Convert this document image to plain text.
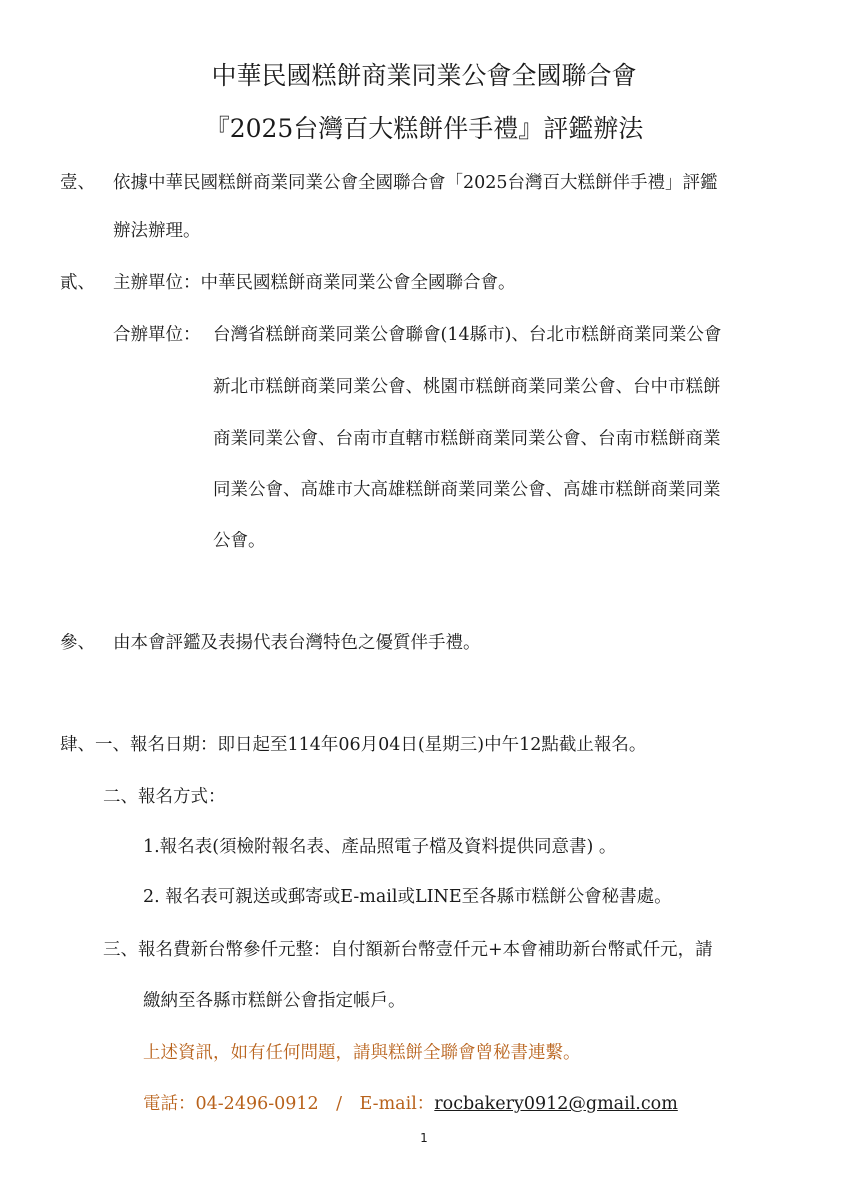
中華民國糕餅商業同業公會全國聯合會
『2025台灣百大糕餅伴手禮』評鑑辦法
壹、 依據中華民國糕餅商業同業公會全國聯合會「2025台灣百大糕餅伴手禮」評鑑
辦法辦理。
貳、 主辦單位：中華民國糕餅商業同業公會全國聯合會。
合辦單位： 台灣省糕餅商業同業公會聯會(14縣市)、台北市糕餅商業同業公會
新北市糕餅商業同業公會、桃園市糕餅商業同業公會、台中市糕餅
商業同業公會、台南市直轄市糕餅商業同業公會、台南市糕餅商業
同業公會、高雄市大高雄糕餅商業同業公會、高雄市糕餅商業同業
公會。
參、 由本會評鑑及表揚代表台灣特色之優質伴手禮。
肆、一、報名日期：即日起至114年06月04日(星期三)中午12點截止報名。
二、報名方式：
1.報名表(須檢附報名表、產品照電子檔及資料提供同意書) 。
2. 報名表可親送或郵寄或E-mail或LINE至各縣市糕餅公會秘書處。
三、報名費新台幣參仟元整：自付額新台幣壹仟元+本會補助新台幣貳仟元，請
繳納至各縣市糕餅公會指定帳戶。
上述資訊，如有任何問題，請與糕餅全聯會曾秘書連繫。
電話：04-2496-0912　/　E-mail：rocbakery0912@gmail.com
1
